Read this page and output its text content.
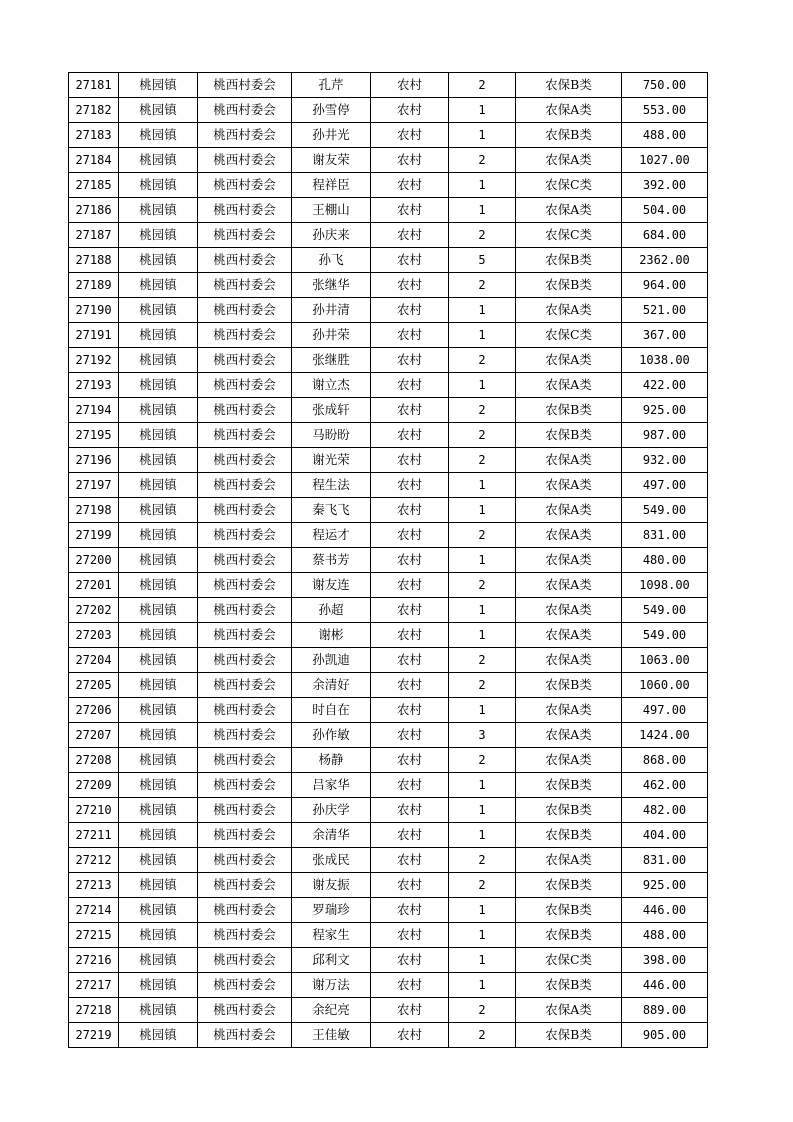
27181	桃园镇	桃西村委会	孔芹	农村	2	农保B类	750.00
27182	桃园镇	桃西村委会	孙雪停	农村	1	农保A类	553.00
27183	桃园镇	桃西村委会	孙井光	农村	1	农保B类	488.00
27184	桃园镇	桃西村委会	谢友荣	农村	2	农保A类	1027.00
27185	桃园镇	桃西村委会	程祥臣	农村	1	农保C类	392.00
27186	桃园镇	桃西村委会	王棚山	农村	1	农保A类	504.00
27187	桃园镇	桃西村委会	孙庆来	农村	2	农保C类	684.00
27188	桃园镇	桃西村委会	孙飞	农村	5	农保B类	2362.00
27189	桃园镇	桃西村委会	张继华	农村	2	农保B类	964.00
27190	桃园镇	桃西村委会	孙井清	农村	1	农保A类	521.00
27191	桃园镇	桃西村委会	孙井荣	农村	1	农保C类	367.00
27192	桃园镇	桃西村委会	张继胜	农村	2	农保A类	1038.00
27193	桃园镇	桃西村委会	谢立杰	农村	1	农保A类	422.00
27194	桃园镇	桃西村委会	张成轩	农村	2	农保B类	925.00
27195	桃园镇	桃西村委会	马盼盼	农村	2	农保B类	987.00
27196	桃园镇	桃西村委会	谢光荣	农村	2	农保A类	932.00
27197	桃园镇	桃西村委会	程生法	农村	1	农保A类	497.00
27198	桃园镇	桃西村委会	秦飞飞	农村	1	农保A类	549.00
27199	桃园镇	桃西村委会	程运才	农村	2	农保A类	831.00
27200	桃园镇	桃西村委会	蔡书芳	农村	1	农保A类	480.00
27201	桃园镇	桃西村委会	谢友连	农村	2	农保A类	1098.00
27202	桃园镇	桃西村委会	孙超	农村	1	农保A类	549.00
27203	桃园镇	桃西村委会	谢彬	农村	1	农保A类	549.00
27204	桃园镇	桃西村委会	孙凯迪	农村	2	农保A类	1063.00
27205	桃园镇	桃西村委会	余清好	农村	2	农保B类	1060.00
27206	桃园镇	桃西村委会	时自在	农村	1	农保A类	497.00
27207	桃园镇	桃西村委会	孙作敏	农村	3	农保A类	1424.00
27208	桃园镇	桃西村委会	杨静	农村	2	农保A类	868.00
27209	桃园镇	桃西村委会	吕家华	农村	1	农保B类	462.00
27210	桃园镇	桃西村委会	孙庆学	农村	1	农保B类	482.00
27211	桃园镇	桃西村委会	余清华	农村	1	农保B类	404.00
27212	桃园镇	桃西村委会	张成民	农村	2	农保A类	831.00
27213	桃园镇	桃西村委会	谢友振	农村	2	农保B类	925.00
27214	桃园镇	桃西村委会	罗瑞珍	农村	1	农保B类	446.00
27215	桃园镇	桃西村委会	程家生	农村	1	农保B类	488.00
27216	桃园镇	桃西村委会	邱利文	农村	1	农保C类	398.00
27217	桃园镇	桃西村委会	谢万法	农村	1	农保B类	446.00
27218	桃园镇	桃西村委会	余纪亮	农村	2	农保A类	889.00
27219	桃园镇	桃西村委会	王佳敏	农村	2	农保B类	905.00
